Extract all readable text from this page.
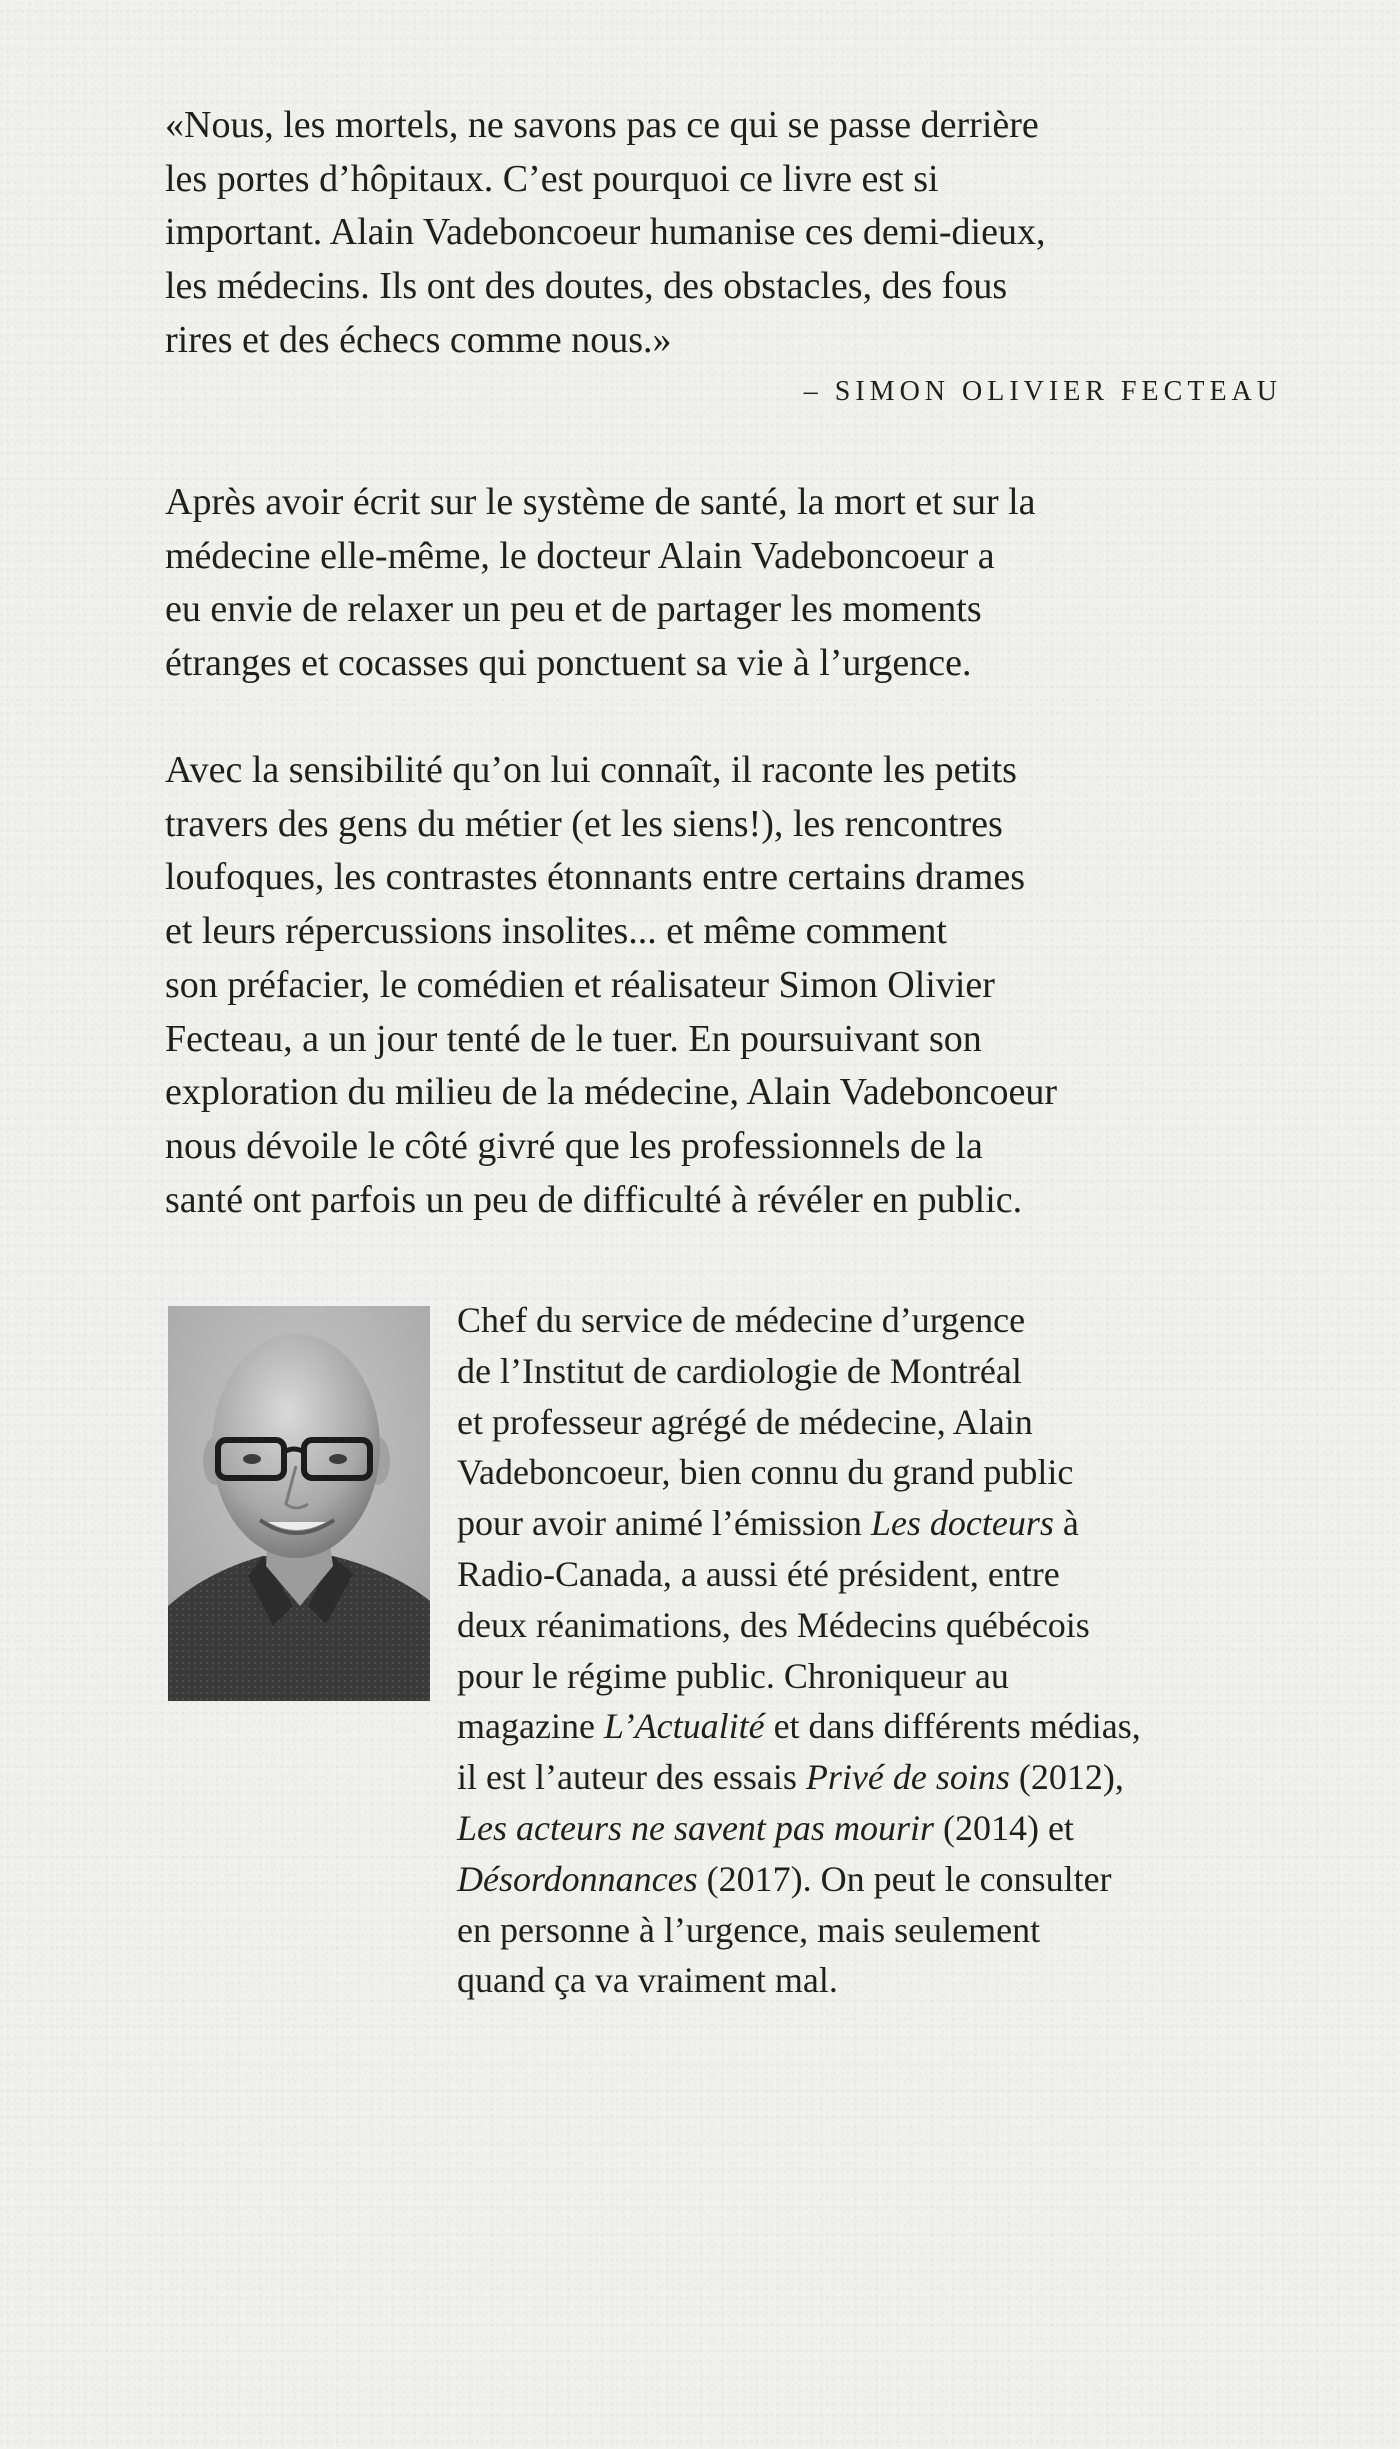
«Nous, les mortels, ne savons pas ce qui se passe derrière
les portes d’hôpitaux. C’est pourquoi ce livre est si
important. Alain Vadeboncoeur humanise ces demi-dieux,
les médecins. Ils ont des doutes, des obstacles, des fous
rires et des échecs comme nous.»
– SIMON OLIVIER FECTEAU
Après avoir écrit sur le système de santé, la mort et sur la
médecine elle-même, le docteur Alain Vadeboncoeur a
eu envie de relaxer un peu et de partager les moments
étranges et cocasses qui ponctuent sa vie à l’urgence.
Avec la sensibilité qu’on lui connaît, il raconte les petits
travers des gens du métier (et les siens!), les rencontres
loufoques, les contrastes étonnants entre certains drames
et leurs répercussions insolites... et même comment
son préfacier, le comédien et réalisateur Simon Olivier
Fecteau, a un jour tenté de le tuer. En poursuivant son
exploration du milieu de la médecine, Alain Vadeboncoeur
nous dévoile le côté givré que les professionnels de la
santé ont parfois un peu de difficulté à révéler en public.
Chef du service de médecine d’urgence
de l’Institut de cardiologie de Montréal
et professeur agrégé de médecine, Alain
Vadeboncoeur, bien connu du grand public
pour avoir animé l’émission Les docteurs à
Radio-Canada, a aussi été président, entre
deux réanimations, des Médecins québécois
pour le régime public. Chroniqueur au
magazine L’Actualité et dans différents médias,
il est l’auteur des essais Privé de soins (2012),
Les acteurs ne savent pas mourir (2014) et
Désordonnances (2017). On peut le consulter
en personne à l’urgence, mais seulement
quand ça va vraiment mal.
